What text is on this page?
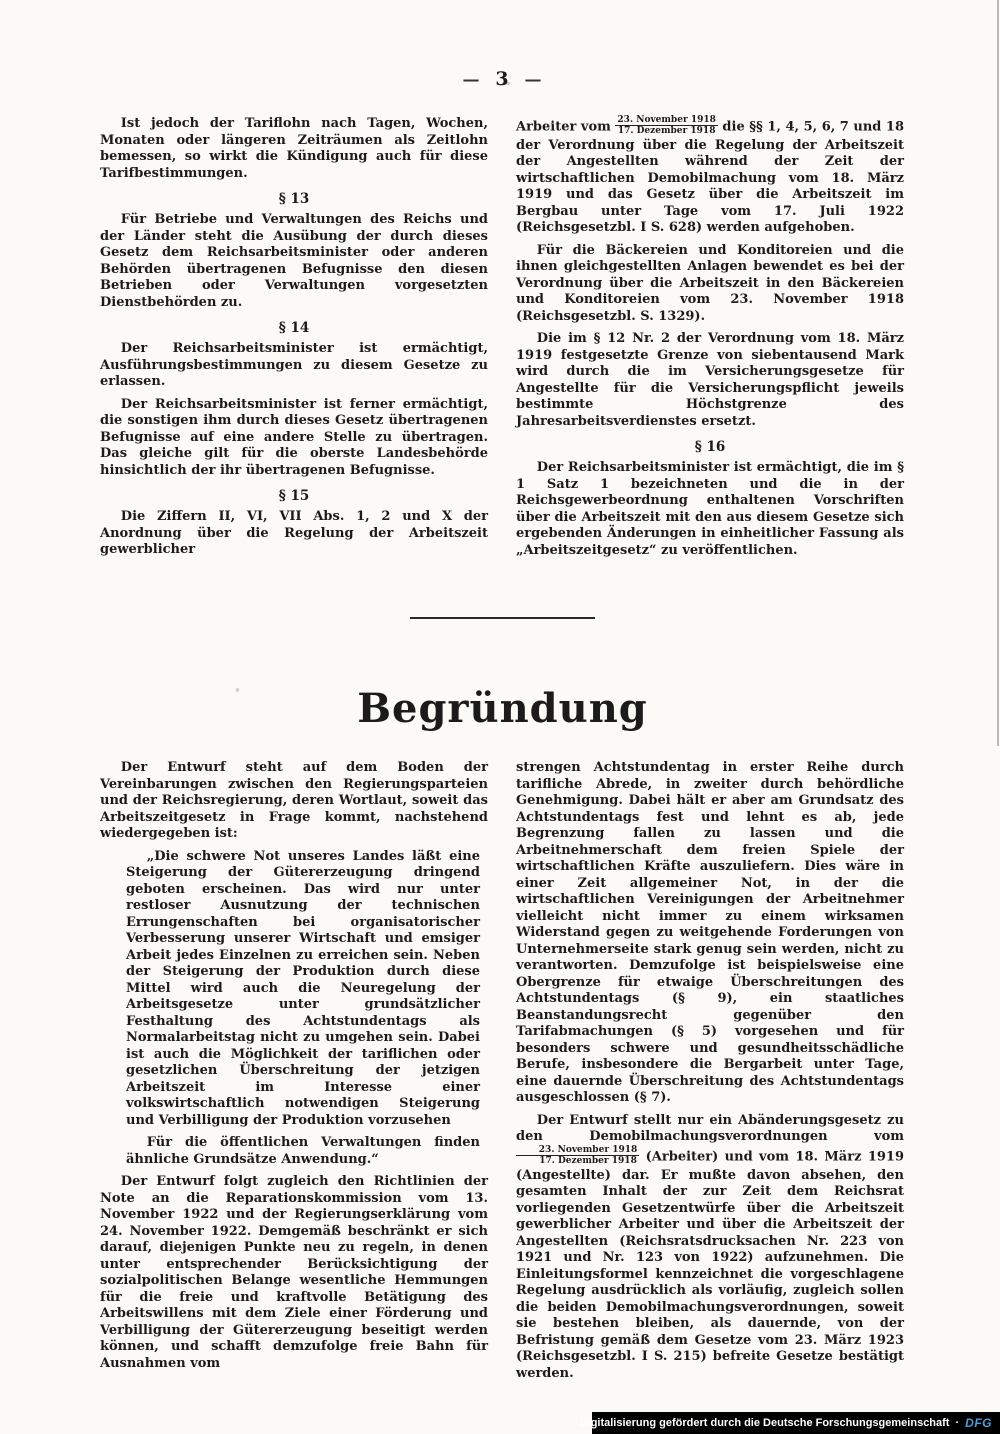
— 3 —

Ist jedoch der Tariflohn nach Tagen, Wochen, Monaten oder längeren Zeiträumen als Zeitlohn bemessen, so wirkt die Kündigung auch für diese Tarifbestimmungen.

§ 13

Für Betriebe und Verwaltungen des Reichs und der Länder steht die Ausübung der durch dieses Gesetz dem Reichsarbeitsminister oder anderen Behörden übertragenen Befugnisse den diesen Betrieben oder Verwaltungen vorgesetzten Dienstbehörden zu.

§ 14

Der Reichsarbeitsminister ist ermächtigt, Ausführungsbestimmungen zu diesem Gesetze zu erlassen.

Der Reichsarbeitsminister ist ferner ermächtigt, die sonstigen ihm durch dieses Gesetz übertragenen Befugnisse auf eine andere Stelle zu übertragen. Das gleiche gilt für die oberste Landesbehörde hinsichtlich der ihr übertragenen Befugnisse.

§ 15

Die Ziffern II, VI, VII Abs. 1, 2 und X der Anordnung über die Regelung der Arbeitszeit gewerblicher

Arbeiter vom $\frac{\text{23. November 1918}}{\text{17. Dezember 1918}}$ die §§ 1, 4, 5, 6, 7 und 18 der Verordnung über die Regelung der Arbeitszeit der Angestellten während der Zeit der wirtschaftlichen Demobilmachung vom 18. März 1919 und das Gesetz über die Arbeitszeit im Bergbau unter Tage vom 17. Juli 1922 (Reichsgesetzbl. I S. 628) werden aufgehoben.

Für die Bäckereien und Konditoreien und die ihnen gleichgestellten Anlagen bewendet es bei der Verordnung über die Arbeitszeit in den Bäckereien und Konditoreien vom 23. November 1918 (Reichsgesetzbl. S. 1329).

Die im § 12 Nr. 2 der Verordnung vom 18. März 1919 festgesetzte Grenze von siebentausend Mark wird durch die im Versicherungsgesetze für Angestellte für die Versicherungspflicht jeweils bestimmte Höchstgrenze des Jahresarbeitsverdienstes ersetzt.

§ 16

Der Reichsarbeitsminister ist ermächtigt, die im § 1 Satz 1 bezeichneten und die in der Reichsgewerbeordnung enthaltenen Vorschriften über die Arbeitszeit mit den aus diesem Gesetze sich ergebenden Änderungen in einheitlicher Fassung als „Arbeitszeitgesetz“ zu veröffentlichen.

Begründung

Der Entwurf steht auf dem Boden der Vereinbarungen zwischen den Regierungsparteien und der Reichsregierung, deren Wortlaut, soweit das Arbeitszeitgesetz in Frage kommt, nachstehend wiedergegeben ist:

„Die schwere Not unseres Landes läßt eine Steigerung der Gütererzeugung dringend geboten erscheinen. Das wird nur unter restloser Ausnutzung der technischen Errungenschaften bei organisatorischer Verbesserung unserer Wirtschaft und emsiger Arbeit jedes Einzelnen zu erreichen sein. Neben der Steigerung der Produktion durch diese Mittel wird auch die Neuregelung der Arbeitsgesetze unter grundsätzlicher Festhaltung des Achtstundentags als Normalarbeitstag nicht zu umgehen sein. Dabei ist auch die Möglichkeit der tariflichen oder gesetzlichen Überschreitung der jetzigen Arbeitszeit im Interesse einer volkswirtschaftlich notwendigen Steigerung und Verbilligung der Produktion vorzusehen

Für die öffentlichen Verwaltungen finden ähnliche Grundsätze Anwendung.“

Der Entwurf folgt zugleich den Richtlinien der Note an die Reparationskommission vom 13. November 1922 und der Regierungserklärung vom 24. November 1922. Demgemäß beschränkt er sich darauf, diejenigen Punkte neu zu regeln, in denen unter entsprechender Berücksichtigung der sozialpolitischen Belange wesentliche Hemmungen für die freie und kraftvolle Betätigung des Arbeitswillens mit dem Ziele einer Förderung und Verbilligung der Gütererzeugung beseitigt werden können, und schafft demzufolge freie Bahn für Ausnahmen vom

strengen Achtstundentag in erster Reihe durch tarifliche Abrede, in zweiter durch behördliche Genehmigung. Dabei hält er aber am Grundsatz des Achtstundentags fest und lehnt es ab, jede Begrenzung fallen zu lassen und die Arbeitnehmerschaft dem freien Spiele der wirtschaftlichen Kräfte auszuliefern. Dies wäre in einer Zeit allgemeiner Not, in der die wirtschaftlichen Vereinigungen der Arbeitnehmer vielleicht nicht immer zu einem wirksamen Widerstand gegen zu weitgehende Forderungen von Unternehmerseite stark genug sein werden, nicht zu verantworten. Demzufolge ist beispielsweise eine Obergrenze für etwaige Überschreitungen des Achtstundentags (§ 9), ein staatliches Beanstandungsrecht gegenüber den Tarifabmachungen (§ 5) vorgesehen und für besonders schwere und gesundheitsschädliche Berufe, insbesondere die Bergarbeit unter Tage, eine dauernde Überschreitung des Achtstundentags ausgeschlossen (§ 7).

Der Entwurf stellt nur ein Abänderungsgesetz zu den Demobilmachungsverordnungen vom
$\frac{\text{23. November 1918}}{\text{17. Dezember 1918}}$ (Arbeiter) und vom 18. März 1919 (Angestellte) dar. Er mußte davon absehen, den gesamten Inhalt der zur Zeit dem Reichsrat vorliegenden Gesetzentwürfe über die Arbeitszeit gewerblicher Arbeiter und über die Arbeitszeit der Angestellten (Reichsratsdrucksachen Nr. 223 von 1921 und Nr. 123 von 1922) aufzunehmen. Die Einleitungsformel kennzeichnet die vorgeschlagene Regelung ausdrücklich als vorläufig, zugleich sollen die beiden Demobilmachungsverordnungen, soweit sie bestehen bleiben, als dauernde, von der Befristung gemäß dem Gesetze vom 23. März 1923 (Reichsgesetzbl. I S. 215) befreite Gesetze bestätigt werden.

Digitalisierung gefördert durch die Deutsche Forschungsgemeinschaft · DFG
